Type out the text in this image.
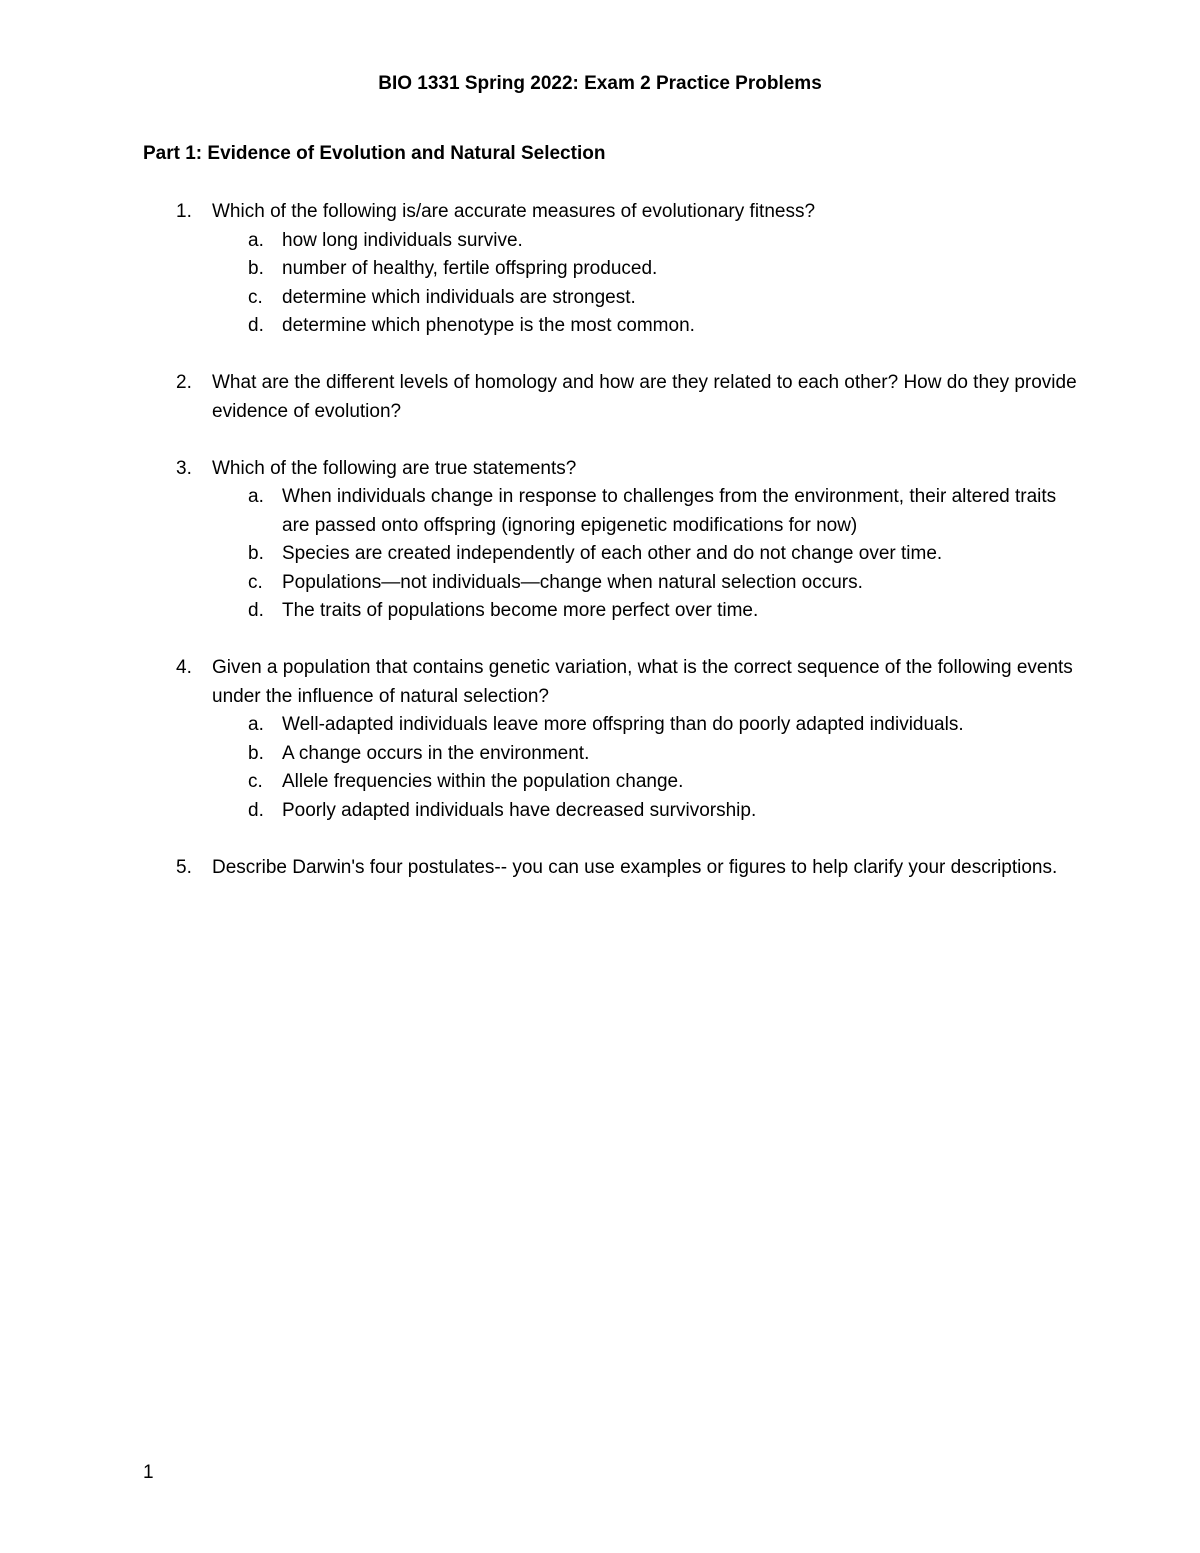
BIO 1331 Spring 2022: Exam 2 Practice Problems
Part 1: Evidence of Evolution and Natural Selection
1. Which of the following is/are accurate measures of evolutionary fitness?
a. how long individuals survive.
b. number of healthy, fertile offspring produced.
c. determine which individuals are strongest.
d. determine which phenotype is the most common.
2. What are the different levels of homology and how are they related to each other? How do they provide evidence of evolution?
3. Which of the following are true statements?
a. When individuals change in response to challenges from the environment, their altered traits are passed onto offspring (ignoring epigenetic modifications for now)
b. Species are created independently of each other and do not change over time.
c. Populations—not individuals—change when natural selection occurs.
d. The traits of populations become more perfect over time.
4. Given a population that contains genetic variation, what is the correct sequence of the following events under the influence of natural selection?
a. Well-adapted individuals leave more offspring than do poorly adapted individuals.
b. A change occurs in the environment.
c. Allele frequencies within the population change.
d. Poorly adapted individuals have decreased survivorship.
5. Describe Darwin's four postulates-- you can use examples or figures to help clarify your descriptions.
1
